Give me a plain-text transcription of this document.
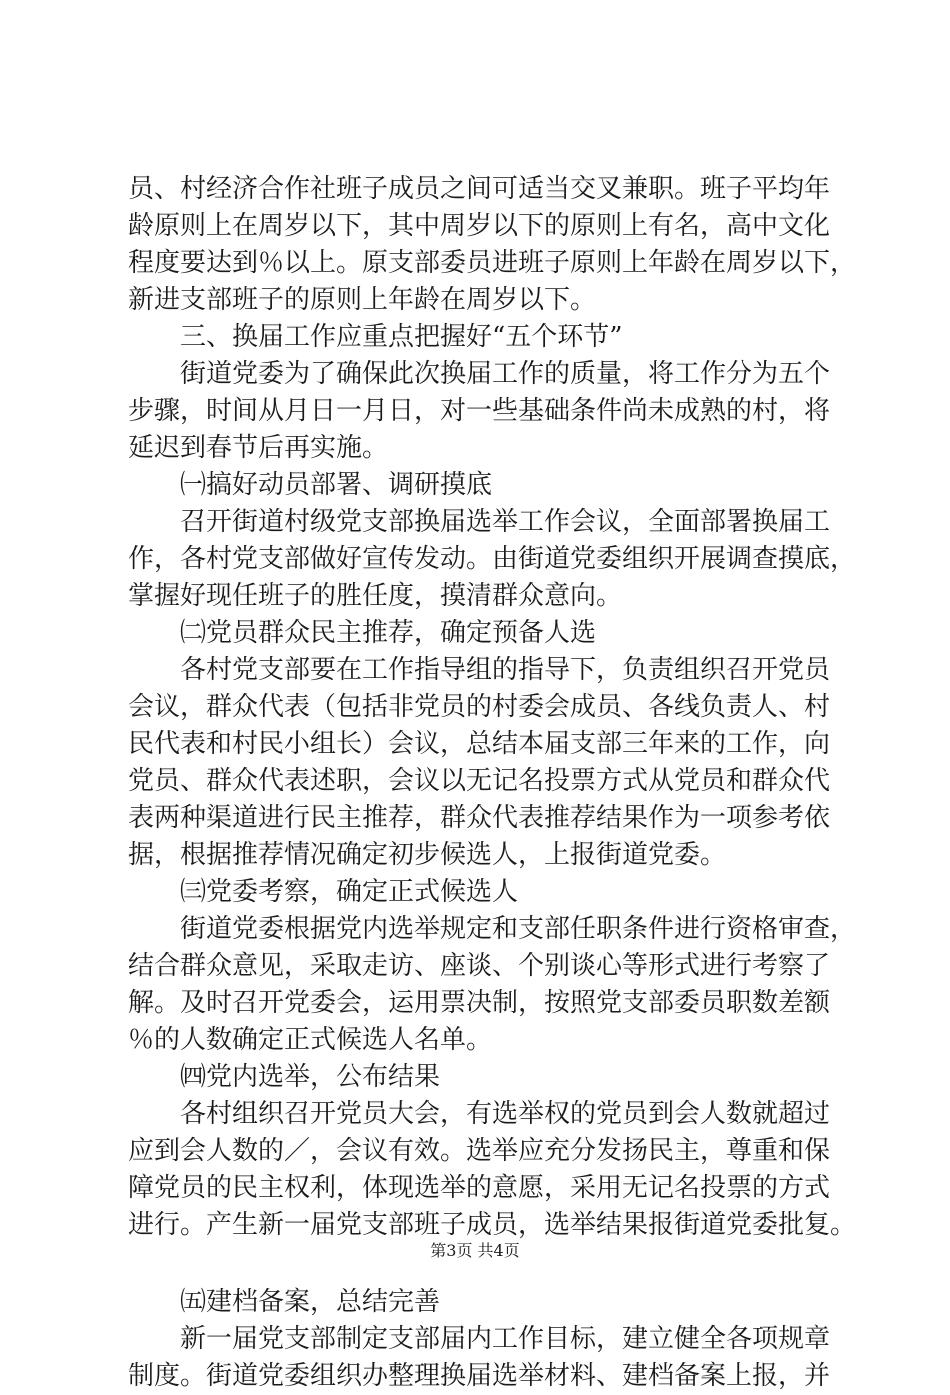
员、村经济合作社班子成员之间可适当交叉兼职。班子平均年
龄原则上在周岁以下，其中周岁以下的原则上有名，高中文化
程度要达到％以上。原支部委员进班子原则上年龄在周岁以下，
新进支部班子的原则上年龄在周岁以下。
三、换届工作应重点把握好“五个环节”
街道党委为了确保此次换届工作的质量，将工作分为五个
步骤，时间从月日一月日，对一些基础条件尚未成熟的村，将
延迟到春节后再实施。
㈠搞好动员部署、调研摸底
召开街道村级党支部换届选举工作会议，全面部署换届工
作，各村党支部做好宣传发动。由街道党委组织开展调查摸底，
掌握好现任班子的胜任度，摸清群众意向。
㈡党员群众民主推荐，确定预备人选
各村党支部要在工作指导组的指导下，负责组织召开党员
会议，群众代表（包括非党员的村委会成员、各线负责人、村
民代表和村民小组长）会议，总结本届支部三年来的工作，向
党员、群众代表述职，会议以无记名投票方式从党员和群众代
表两种渠道进行民主推荐，群众代表推荐结果作为一项参考依
据，根据推荐情况确定初步候选人，上报街道党委。
㈢党委考察，确定正式候选人
街道党委根据党内选举规定和支部任职条件进行资格审查，
结合群众意见，采取走访、座谈、个别谈心等形式进行考察了
解。及时召开党委会，运用票决制，按照党支部委员职数差额
％的人数确定正式候选人名单。
㈣党内选举，公布结果
各村组织召开党员大会，有选举权的党员到会人数就超过
应到会人数的／，会议有效。选举应充分发扬民主，尊重和保
障党员的民主权利，体现选举的意愿，采用无记名投票的方式
进行。产生新一届党支部班子成员，选举结果报街道党委批复。
㈤建档备案，总结完善
新一届党支部制定支部届内工作目标，建立健全各项规章
制度。街道党委组织办整理换届选举材料、建档备案上报，并
第3页 共4页
